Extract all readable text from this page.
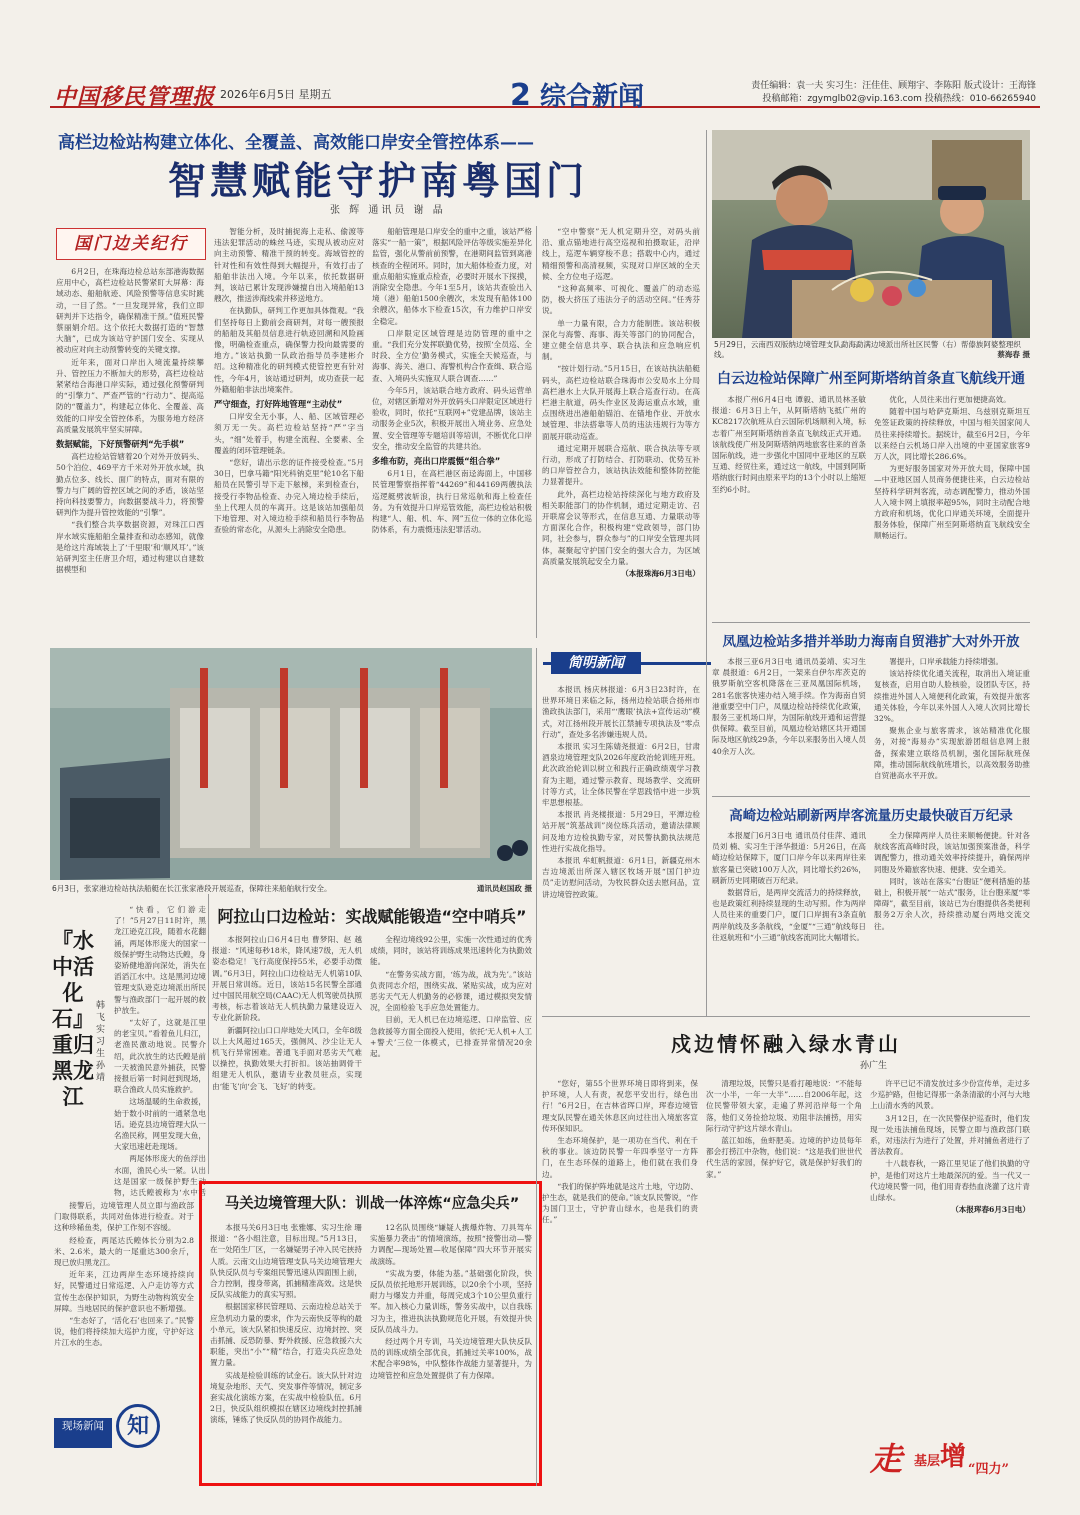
中国移民管理报 2026年6月5日 星期五	2 综合新闻	责任编辑：袁一夫 实习生：汪佳佳、顾翔宇、李陈阳 版式设计：王海锋
投稿邮箱：zgymglb02@vip.163.com 投稿热线：010-66265940
高栏边检站构建立体化、全覆盖、高效能口岸安全管控体系——
智慧赋能守护南粤国门
张 辉 通讯员 谢 晶
国门边关纪行

6月2日，在珠海边检总站东部港海数据应用中心，高栏边检站民警紧盯大屏幕：海域动态、船舶航迹、风险预警等信息实时跳动，一目了然。“一旦发现异常，我们立即研判并下达指令，确保精准干预。”值班民警蔡丽娟介绍。这个依托大数据打造的“智慧大脑”，已成为该站守护国门安全、实现从被动应对向主动预警转变的关键支撑。

近年来，面对口岸出入境流量持续攀升、管控压力不断加大的形势，高栏边检站紧紧结合海港口岸实际，通过强化预警研判的“引擎力”、严查严管的“行动力”、提高巡防的“覆盖力”，构建起立体化、全覆盖、高效能的口岸安全管控体系，为服务地方经济高质量发展筑牢坚实屏障。

数据赋能，下好预警研判“先手棋”

高栏边检站管辖着20个对外开放码头、50个泊位、469平方千米对外开放水域，执勤点位多、线长、面广的特点，面对有限的警力与广阔的管控区域之间的矛盾，该站坚持向科技要警力，向数据要战斗力，将预警研判作为提升管控效能的“引擎”。

“我们整合共享数据资源，对珠江口西岸水域实施船舶全量排查和动态感知，就像是给这片海域装上了‘千里眼’和‘顺风耳’。”该站研判室主任唐卫介绍，通过构建以自建数据模型和

智能分析，及时捕捉海上走私、偷渡等违法犯罪活动的蛛丝马迹，实现从被动应对向主动预警、精准干预的转变。海域管控的针对性和有效性得到大幅提升，有效打击了船舶非法出入境。今年以来，依托数据研判，该站已累计发现涉嫌擅自出入境船舶13艘次，推送涉海线索并移送地方。

在执勤队，研判工作更加具体微观。“我们坚持每日上勤前会商研判，对每一艘预报的船舶及其船员信息进行轨迹回溯和风险画像，明确检查重点，确保警力投向最需要的地方。”该站执勤一队政治指导员李建彬介绍。这种精准化的研判模式使管控更有针对性，今年4月，该站通过研判，成功查获一起外籍船舶非法出境案件。

严守细查，打好阵地管理“主动仗”

口岸安全无小事，人、船、区域管理必须万无一失。高栏边检站坚持“严”字当头，“细”处着手，构建全流程、全要素、全覆盖的闭环管理链条。

“您好，请出示您的证件接受检查。”5月30日，巴拿马籍“阳光科钠克里”轮10名下船船员在民警引导下走下舷梯，来到检查台，接受行李物品检查、办完入境边检手续后，坐上代理人员的车离开。这是该站加强船员下地管理、对入境边检手续和船员行李物品查验的常态化，从源头上消除安全隐患。

船舶管理是口岸安全的重中之重，该站严格落实“一船一策”，根据风险评估等级实施差异化监管，强化从警前前预警，在港期间监管到离港核查的全程闭环。同时，加大船体检查力度，对重点船舶实施重点检查，必要时开展水下探摸，消除安全隐患。今年1至5月，该站共查验出入境（港）船舶1500余艘次，未发现有船体100余艘次，船体水下检查15次，有力维护口岸安全稳定。

口岸限定区域管理是边防管理的重中之重。“我们充分发挥联勤优势，按照‘全员巡、全时段、全方位’勤务模式，实施全天候巡查，与海事、海关、港口、海警机构合作查缉、联合巡查、入境码头实施双人联合调查……”

今年5月，该站联合地方政府、码头运营单位，对辖区新增对外开放码头口岸限定区域进行验收，同时，依托“互联网+”党建品牌，该站主动服务企业5次，积极开展出入境业务、应急处置、安全管理等专题培训等培训，不断优化口岸安全，推动安全监管的共建共治。

多维布防，亮出口岸震慑“组合拳”

6月1日，在高栏港区南迳海面上，中国移民管理警察指挥着“44269”和44169两艘执法巡逻艇劈波斩浪，执行日常巡航和海上检查任务。为有效提升口岸巡管效能，高栏边检站积极构建“人、船、机、车、网”五位一体的立体化巡防体系，有力震慑违法犯罪活动。

“空中警察”无人机定期升空，对码头前沿、重点锚地进行高空巡视和拍摄取证，沿岸线上，巡逻车辆穿梭不息；搭载中心内，通过精细预警和高清视频，实现对口岸区域的全天候、全方位电子巡逻。

“这种高频率、可视化、覆盖广的动态巡防，极大挤压了违法分子的活动空间。”任秀芬说。

单一力量有限，合力方能制胜。该站积极深化与海警、海事、海关等部门的协同配合，建立健全信息共享、联合执法和应急响应机制。

“按计划行动。”5月15日，在该站执法船艇码头，高栏边检站联合珠海市公安局水上分局高栏港水上大队开展海上联合巡查行动。在高栏港主航道，码头作业区及海运重点水域，重点围绕进出港船舶锚泊、在锚地作业、开放水域管理、非法搭靠等人员的违法违规行为等方面展开联动巡查。

通过定期开展联合巡航、联合执法等专项行动，形成了打防结合、打防联动、优势互补的口岸管控合力，该站执法效能和整体防控能力显著提升。

此外，高栏边检站持续深化与地方政府及相关职能部门的协作机制，通过定期走访、召开联席会议等形式，在信息互通、力量联动等方面深化合作，积极构建“党政领导，部门协同，社会参与，群众参与”的口岸安全管理共同体，凝聚起守护国门安全的强大合力，为区域高质量发展筑起安全力量。

（本报珠海6月3日电）

5月29日，云南西双版纳边境管理支队勐海勐满边境派出所社区民警（右）帮傣族阿婆整理织线。	蔡海春 摄
白云边检站保障广州至阿斯塔纳首条直飞航线开通

本报广州6月4日电 谭毅、通讯员林圣敏报道：6月3日上午，从阿斯塔纳飞抵广州的KC8217次航班从白云国际机场顺利入境，标志着广州至阿斯塔纳首条直飞航线正式开通。该航线使广州及阿斯塔纳两地旅客往来的首条国际航线，进一步强化中国同中亚地区的互联互通、经贸往来，通过这一航线，中国到阿斯塔纳旅行时间由原来平均的13个小时以上缩短至约6小时。

优化，人员往来出行更加便捷高效。

随着中国与哈萨克斯坦、乌兹别克斯坦互免签证政策的持续释放，中国与相关国家间人员往来持续增长。据统计，截至6月2日，今年以来经白云机场口岸入出境的中亚国家旅客9万人次，同比增长286.6%。

为更好服务国家对外开放大局，保障中国—中亚地区国人员商务便捷往来，白云边检站坚持科学研判客流，动态调配警力，推动外国人入境卡网上填报率超95%，同时主动配合地方政府和机场，优化口岸通关环境，全面提升服务体验，保障广州至阿斯塔纳直飞航线安全顺畅运行。

凤凰边检站多措并举助力海南自贸港扩大对外开放

本报三亚6月3日电 通讯员姜靖、实习生章 晨报道：6月2日，一架来自伊尔库茨克的俄罗斯航空客机降落在三亚凤凰国际机场，281名旅客快速办结入境手续。作为海南自贸港重要空中门户，凤凰边检站持续优化政策，服务三亚机场口岸，为国际航线开通和运营提供保障。截至目前，凤凰边检站辖区共开通国际及地区航线29条，今年以来服务出入境人员40余万人次。

署提升，口岸承载能力持续增强。

该站持续优化通关流程，取消出入境证重复核查，启用自助人脸核验，设团队专区，持续推进外国人入境便利化政策，有效提升旅客通关体验，今年以来外国人入境人次同比增长32%。

聚焦企业与旅客需求，该站精准优化服务，对接“海易办”实现旅游团组信息网上报备，探索建立联络员机制，强化国际航班保障，推动国际航线航班增长，以高效服务助推自贸港高水平开放。

高崎边检站刷新两岸客流量历史最快破百万纪录

本报厦门6月3日电 通讯员付佳萍、通讯员刘 楠、实习生于泽华报道：5月26日，在高崎边检站保障下，厦门口岸今年以来两岸往来旅客量已突破100万人次，同比增长约26%，刷新历史同期破百万纪录。

数据背后，是两岸交流活力的持续释放，也是政策红利持续显现的生动写照。作为两岸人员往来的重要门户，厦门口岸拥有3条直航两岸航线及多条航线，“金厦”“三通”航线每日往返航班和“小三通”航线客流同比大幅增长。

全力保障两岸人员往来顺畅便捷。针对各航线客流高峰时段，该站加强预案准备，科学调配警力，推动通关效率持续提升，确保两岸同胞及外籍旅客快速、便捷、安全通关。

同时，该站在落实“台胞证”便利措施的基础上，积极开展“一站式”服务，让台胞来厦“零障碍”，截至目前，该站已为台胞提供各类便利服务2万余人次，持续推动厦台两地交流交往。

6月3日，张家港边检站执法船艇在长江张家港段开展巡查，保障往来船舶航行安全。	通讯员赵国政 摄
简明新闻

本报讯 杨庆林报道：6月3日23时许，在世界环境日来临之际，扬州边检站联合扬州市渔政执法部门，采用“‘鹰眼’执法+宣传运动”模式，对江扬州段开展长江禁捕专项执法及“零点行动”，查处多名涉嫌违规人员。

本报讯 实习生陈婧尧报道：6月2日，甘肃酒泉边境管理支队2026年度政治轮训班开班。此次政治轮训以树立和践行正确政绩观学习教育为主题，通过警示教育、现场教学、交流研讨等方式，让全体民警在学思践悟中进一步筑牢思想根基。

本报讯 肖尧楼报道：5月29日，平潭边检站开展“筑基战训”岗位练兵活动，邀请法律顾问及地方边检执勤专家，对民警执勤执法规范性进行实战化指导。

本报讯 牟虹帆报道：6月1日，新疆克州木吉边境派出所深入辖区牧场开展“国门护边员”走访慰问活动，为牧民群众送去慰问品，宣讲边境管控政策。

阿拉山口边检站：实战赋能锻造“空中哨兵”

本报阿拉山口6月4日电 曹梦阳、赵 越报道：“风速每秒18米，降风速7级，无人机姿态稳定！飞行高度保持55米，必要手动微调。”6月3日，阿拉山口边检站无人机第10队开展日常训练。近日，该站15名民警全部通过中国民用航空局(CAAC)无人机驾驶员执照考核，标志着该站无人机执勤力量建设迈入专业化新阶段。

新疆阿拉山口口岸地处大风口，全年8级以上大风超过165天，强侧风、沙尘让无人机飞行异常困难。普通飞手面对恶劣天气难以操控，执勤效果大打折扣。该站抽调骨干组建无人机队，邀请专业教员驻点，实现由‘能飞’向‘会飞、飞好’的转变。

全程边境线92公里，实施一次性通过的优秀成绩，同时，该站将训练成果迅速转化为执勤效能。

“在警务实战方面，‘练为战，战为先’。”该站负责同志介绍，围绕实战、紧贴实战，成为应对恶劣天气无人机勤务的必修课，通过模拟突发情况，全面检验飞手应急处置能力。

目前，无人机已在边境巡逻、口岸监管、应急救援等方面全面投入使用，依托‘无人机+人工+警犬’三位一体模式，已排查异常情况20余起。

『水中活化石』重归黑龙江
韩 飞 实习生 孙 靖

“快看，它们游走了！”5月27日11时许，黑龙江逊克江段，随着水花翻涌，两尾体形庞大的国家一级保护野生动物达氏鳇，身姿矫健地游向深处，消失在滔滔江水中。这是黑河边境管理支队逊克边境派出所民警与渔政部门一起开展的救护放生。

“太好了，这就是江里的老宝贝。”看着鱼儿归江，老渔民激动地说。民警介绍，此次放生的达氏鳇是前一天被渔民意外捕获，民警接报后第一时间赶到现场，联合渔政人员实施救护。

这场温暖的生命救援，始于数小时前的一通紧急电话。逊克县边境管理大队一名渔民称，网里发现大鱼，大家迅速赶赴现场。

两尾体形庞大的鱼浮出水面，渔民心头一紧。认出这是国家一级保护野生动物，达氏鳇被称为‘水中活

接警后，边境管理人员立即与渔政部门取得联系，共同对鱼体进行检查。对于这种珍稀鱼类，保护工作刻不容缓。

经检查，两尾达氏鳇体长分别为2.8米、2.6米，最大的一尾重达300余斤，现已放归黑龙江。

近年来，江边两岸生态环境持续向好，民警通过日常巡逻、入户走访等方式宣传生态保护知识，为野生动物构筑安全屏障。当地居民的保护意识也不断增强。

“生态好了，‘活化石’也回来了。”民警说，他们将持续加大巡护力度，守护好这片江水的生态。

现场新闻	知
马关边境管理大队：训战一体淬炼“应急尖兵”

本报马关6月3日电 张雅娜、实习生徐 珊报道：“各小组注意，目标出现。”5月13日，在一处陌生厂区，一名嫌疑男子冲入民宅挟持人质。云南文山边境管理支队马关边境管理大队快反队员与专案组民警迅速从四面围上前，合力控制，搜身带离，抓捕精准高效。这是快反队实战能力的真实写照。

根据国家移民管理局、云南边检总站关于应急机动力量的要求，作为云南快反等构的最小单元，该大队紧扣快速反应、边境封控、突击抓捕、反恐防暴、野外救援、应急救援六大职能，突出“小”“精”结合，打造尖兵应急处置力量。

实战是检验训练的试金石。该大队针对边境复杂地形、天气、突发事件等情况，制定多套实战化演练方案，在实战中检验队伍。6月2日，快反队组织模拟在辖区边境线封控抓捕演练，锤炼了快反队员的协同作战能力。

12名队员围绕“嫌疑人携爆炸物、刀具驾车实施暴力袭击”的情境演练，按照“接警出动—警力调配—现场处置—收尾保障”四大环节开展实战演练。

“实战为要，体能为基。”基础强化阶段，快反队员依托地形开展训练，以20余个小项，坚持耐力与爆发力并重，每周完成3个10公里负重行军。加入核心力量训练，警务实战中，以自我练习为主，推进执法执勤规范化开展，有效提升快反队员战斗力。

经过两个月专训，马关边境管理大队快反队员的训练成绩全部优良，抓捕过关率100%，战术配合率98%，中队整体作战能力显著提升，为边境管控和应急处置提供了有力保障。

戍边情怀融入绿水青山
孙广生

“您好，第55个世界环境日即将到来，保护环境，人人有责，祝您平安出行，绿色出行！”6月2日，在吉林省珲口岸，珲春边境管理支队民警在通关休息区向过往出入境旅客宣传环保知识。

生态环境保护，是一项功在当代、利在千秋的事业。该边防民警一年四季坚守一方阵门，在生态环保的道路上，他们就在我们身边。

“我们的保护阵地就是这片土地，守边防、护生态，就是我们的使命。”该支队民警说，“作为国门卫士，守护青山绿水，也是我们的责任。”

清理垃圾，民警只是看打趣地说：“不能每次一小半，一年一大半”……自2006年起，这位民警带领大家，走遍了界河沿岸每一个角落，他们义务捡拾垃圾、劝阻非法捕捞，用实际行动守护这片绿水青山。

蓝江如练，鱼虾肥美。边境的护边员每年都会打捞江中杂物，他们说：“这是我们世世代代生活的家园，保护好它，就是保护好我们的家。”

许平已记不清发放过多少份宣传单，走过多少巡护路，但他记得那一条条清澈的小河与大地上山清水秀的风景。

3月12日，在一次民警保护巡查时，他们发现一处违法捕鱼现场，民警立即与渔政部门联系，对违法行为进行了处置，并对捕鱼者进行了普法教育。

十八载春秋，一路江里见证了他们执勤的守护，是他们对这片土地最深沉的爱。当一代又一代边境民警一同，他们用青春热血浇灌了这片青山绿水。

（本报珲春6月3日电）

走 基层 增 “四力”
